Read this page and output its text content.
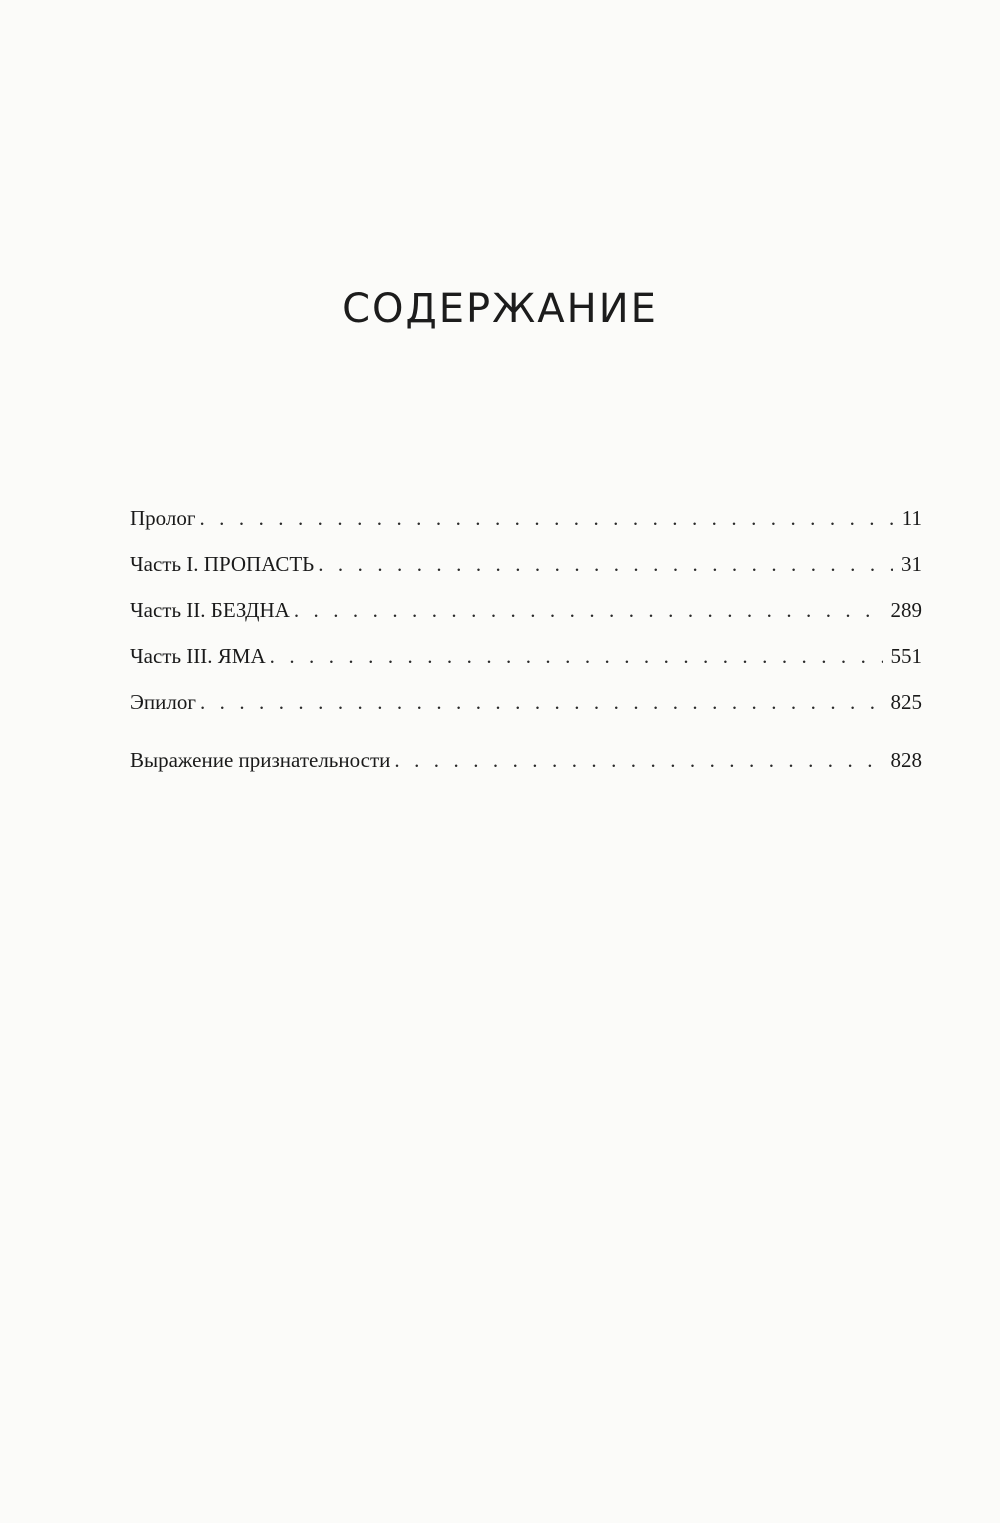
СОДЕРЖАНИЕ
Пролог . . .	11
Часть I. ПРОПАСТЬ . . .	31
Часть II. БЕЗДНА . . .	289
Часть III. ЯМА . . .	551
Эпилог . . .	825
Выражение признательности . . .	828
